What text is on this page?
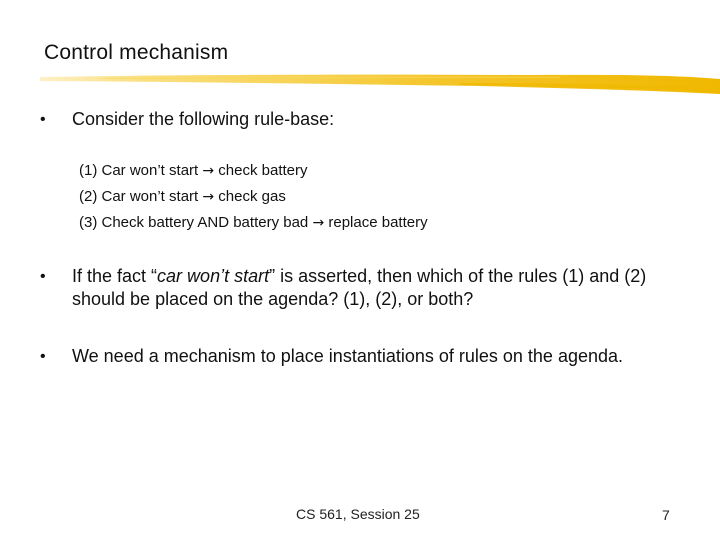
Control mechanism
•	Consider the following rule-base:
(1) Car won’t start → check battery
(2) Car won’t start → check gas
(3) Check battery AND battery bad → replace battery
•	If the fact “car won’t start” is asserted, then which of the rules (1) and (2) should be placed on the agenda? (1), (2), or both?
•	We need a mechanism to place instantiations of rules on the agenda.
CS 561, Session 25	7
